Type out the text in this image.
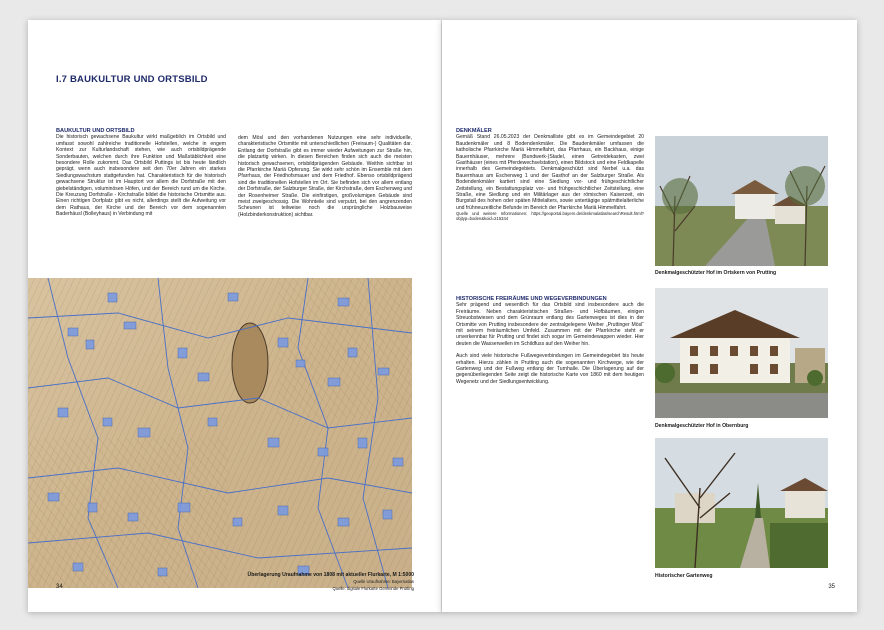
I.7 BAUKULTUR UND ORTSBILD

BAUKULTUR UND ORTSBILD

Die historisch gewachsene Baukultur wirkt maßgeblich im Ortsbild und umfasst sowohl zahlreiche traditionelle Hofstellen, welche in engem Kontext zur Kulturlandschaft stehen, wie auch ortsbildprägende Sonderbauten, welchen durch ihre Funktion und Maßstäblichkeit eine besondere Rolle zukommt. Das Ortsbild Puttings ist bis heute ländlich geprägt, wenn auch insbesondere seit den 70er Jahren ein starkes Siedlungswachstum stattgefunden hat. Charakteristisch für die historisch gewachsene Struktur ist im Hauptort vor allem die Dorfstraße mit den giebelständigen, voluminösen Höfen, und der Bereich rund um die Kirche. Die Kreuzung Dorfstraße - Kirchstraße bildet die historische Ortsmitte aus. Einen richtigen Dorfplatz gibt es nicht, allerdings stellt die Aufweitung vor dem Rathaus, der Kirche und der Bereich vor dem sogenannten Baderhäusl (Bolleyhaus) in Verbindung mit

dem Mösl und den vorhandenen Nutzungen eine sehr individuelle, charakteristische Ortsmitte mit unterschiedlichen (Freiraum-) Qualitäten dar. Entlang der Dorfstraße gibt es immer wieder Aufweitungen zur Straße hin, die platzartig wirken. In diesen Bereichen finden sich auch die meisten historisch gewachsenen, ortsbildprägenden Gebäude. Weithin sichtbar ist die Pfarrkirche Mariä Opferung. Sie wirkt sehr schön im Ensemble mit dem Pfarrhaus, der Friedhofsmauer und dem Friedhof. Ebenso ortsbildprägend sind die traditionellen Hofstellen im Ort. Sie befinden sich vor allem entlang der Dorfstraße, der Salzburger Straße, der Kirchstraße, dem Eschenweg und der Rosenheimer Straße. Die einfirstigen, großvolumigen Gebäude sind meist zweigeschossig. Die Wohnteile sind verputzt, bei den angrenzenden Scheunen ist teilweise noch die ursprüngliche Holzbauweise (Holzbinderkonstruktion) sichtbar.

Überlagerung Uraufnahme von 1808 mit aktueller Flurkarte, M 1:5000
Quelle Uraufnahme: Bayernatlas
Quelle: digitale Flurkarte Gemeinde Prutting
34

DENKMÄLER

Gemäß Stand 26.05.2023 der Denkmalliste gibt es im Gemeindegebiet 20 Baudenkmäler und 8 Bodendenkmäler. Die Baudenkmäler umfassen die katholische Pfarrkirche Mariä Himmelfahrt, das Pfarrhaus, ein Backhaus, einige Bauernhäuser, mehrere (Bundwerk-)Stadel, einen Getreidekasten, zwei Gasthäuser (eines mit Pferdewechselstation), einen Bildstock und eine Feldkapelle innerhalb des Gemeindegebiets. Denkmalgeschützt sind Nerbel u.a. das Bauernhaus am Eschenweg 1 und der Gasthof an der Salzburger Straße. Als Bodendenkmäler kartiert sind eine Siedlung vor- und frühgeschichtlicher Zeitstellung, ein Bestattungsplatz vor- und frühgeschichtlicher Zeitstellung, eine Straße, eine Siedlung und ein Militärlager aus der römischen Kaiserzeit, ein Burgstall des hohen oder späten Mittelalters, sowie untertägige spätmittelalterliche und frühneuzeitliche Befunde im Bereich der Pfarrkirche Mariä Himmelfahrt.

Quelle und weitere Informationen: https://geoportal.bayern.de/denkmalatlas/searchResult.html?objtyp=boden&koid=215344

HISTORISCHE FREIRÄUME UND WEGEVERBINDUNGEN

Sehr prägend und wesentlich für das Ortsbild sind insbesondere auch die Freiräume. Neben charakteristischen Straßen- und Hofbäumen, einigen Streuobstwiesen und dem Grünraum entlang des Gartenweges ist dies in der Ortsmitte von Prutting insbesondere der zentralgelegene Weiher „Pruttinger Mösl“ mit seinem freiräumlichen Umfeld. Zusammen mit der Pfarrkirche steht er unverkennbar für Prutting und findet sich sogar im Gemeindewappen wieder. Hier deuten die Wasserwellen im Schildfuss auf den Weiher hin.

Auch sind viele historische Fußwegeverbindungen im Gemeindegebiet bis heute erhalten. Hierzu zählen in Prutting auch die sogenannten Kirchwege, wie der Gartenweg und der Fußweg entlang der Turnhalle. Die Überlagerung auf der gegenüberliegenden Seite zeigt die historische Karte von 1860 mit dem heutigen Wegenetz und der Siedlungsentwicklung.

Denkmalgeschützter Hof im Ortskern von Prutting
Denkmalgeschützter Hof in Obernburg
Historischer Gartenweg
35
